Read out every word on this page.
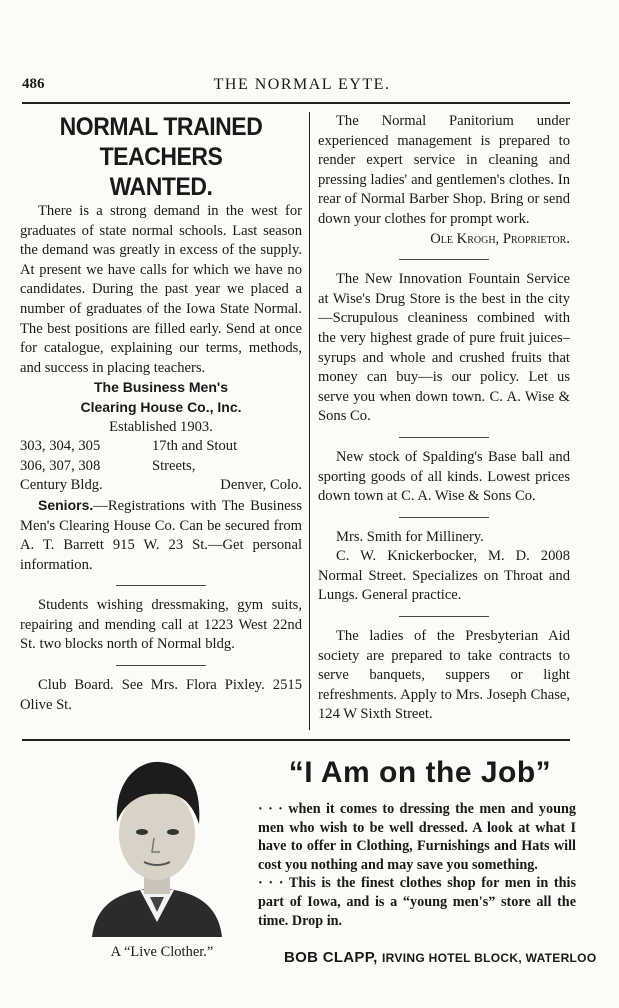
486	THE NORMAL EYTE.
NORMAL TRAINED TEACHERS
WANTED.

There is a strong demand in the west for graduates of state normal schools. Last season the demand was greatly in excess of the supply. At present we have calls for which we have no candidates. During the past year we placed a number of graduates of the Iowa State Normal. The best positions are filled early. Send at once for catalogue, explaining our terms, methods, and success in placing teachers.

The Business Men's

Clearing House Co., Inc.

Established 1903.

303, 304, 305	17th and Stout
306, 307, 308	Streets,
Century Bldg.	Denver, Colo.

Seniors.—Registrations with The Business Men's Clearing House Co. Can be secured from A. T. Barrett 915 W. 23 St.—Get personal information.

Students wishing dressmaking, gym suits, repairing and mending call at 1223 West 22nd St. two blocks north of Normal bldg.

Club Board. See Mrs. Flora Pixley. 2515 Olive St.

The Normal Panitorium under experienced management is prepared to render expert service in cleaning and pressing ladies' and gentlemen's clothes. In rear of Normal Barber Shop. Bring or send down your clothes for prompt work.

Ole Krogh, Proprietor.

The New Innovation Fountain Service at Wise's Drug Store is the best in the city—Scrupulous cleaniness combined with the very highest grade of pure fruit juices–syrups and whole and crushed fruits that money can buy—is our policy. Let us serve you when down town. C. A. Wise & Sons Co.

New stock of Spalding's Base ball and sporting goods of all kinds. Lowest prices down town at C. A. Wise & Sons Co.

Mrs. Smith for Millinery.

C. W. Knickerbocker, M. D. 2008 Normal Street. Specializes on Throat and Lungs. General practice.

The ladies of the Presbyterian Aid society are prepared to take contracts to serve banquets, suppers or light refreshments. Apply to Mrs. Joseph Chase, 124 W Sixth Street.

A “Live Clother.”
“I Am on the Job”

· · · when it comes to dressing the men and young men who wish to be well dressed. A look at what I have to offer in Clothing, Furnishings and Hats will cost you nothing and may save you something.

· · · This is the finest clothes shop for men in this part of Iowa, and is a “young men's” store all the time. Drop in.

BOB CLAPP, IRVING HOTEL BLOCK, WATERLOO
